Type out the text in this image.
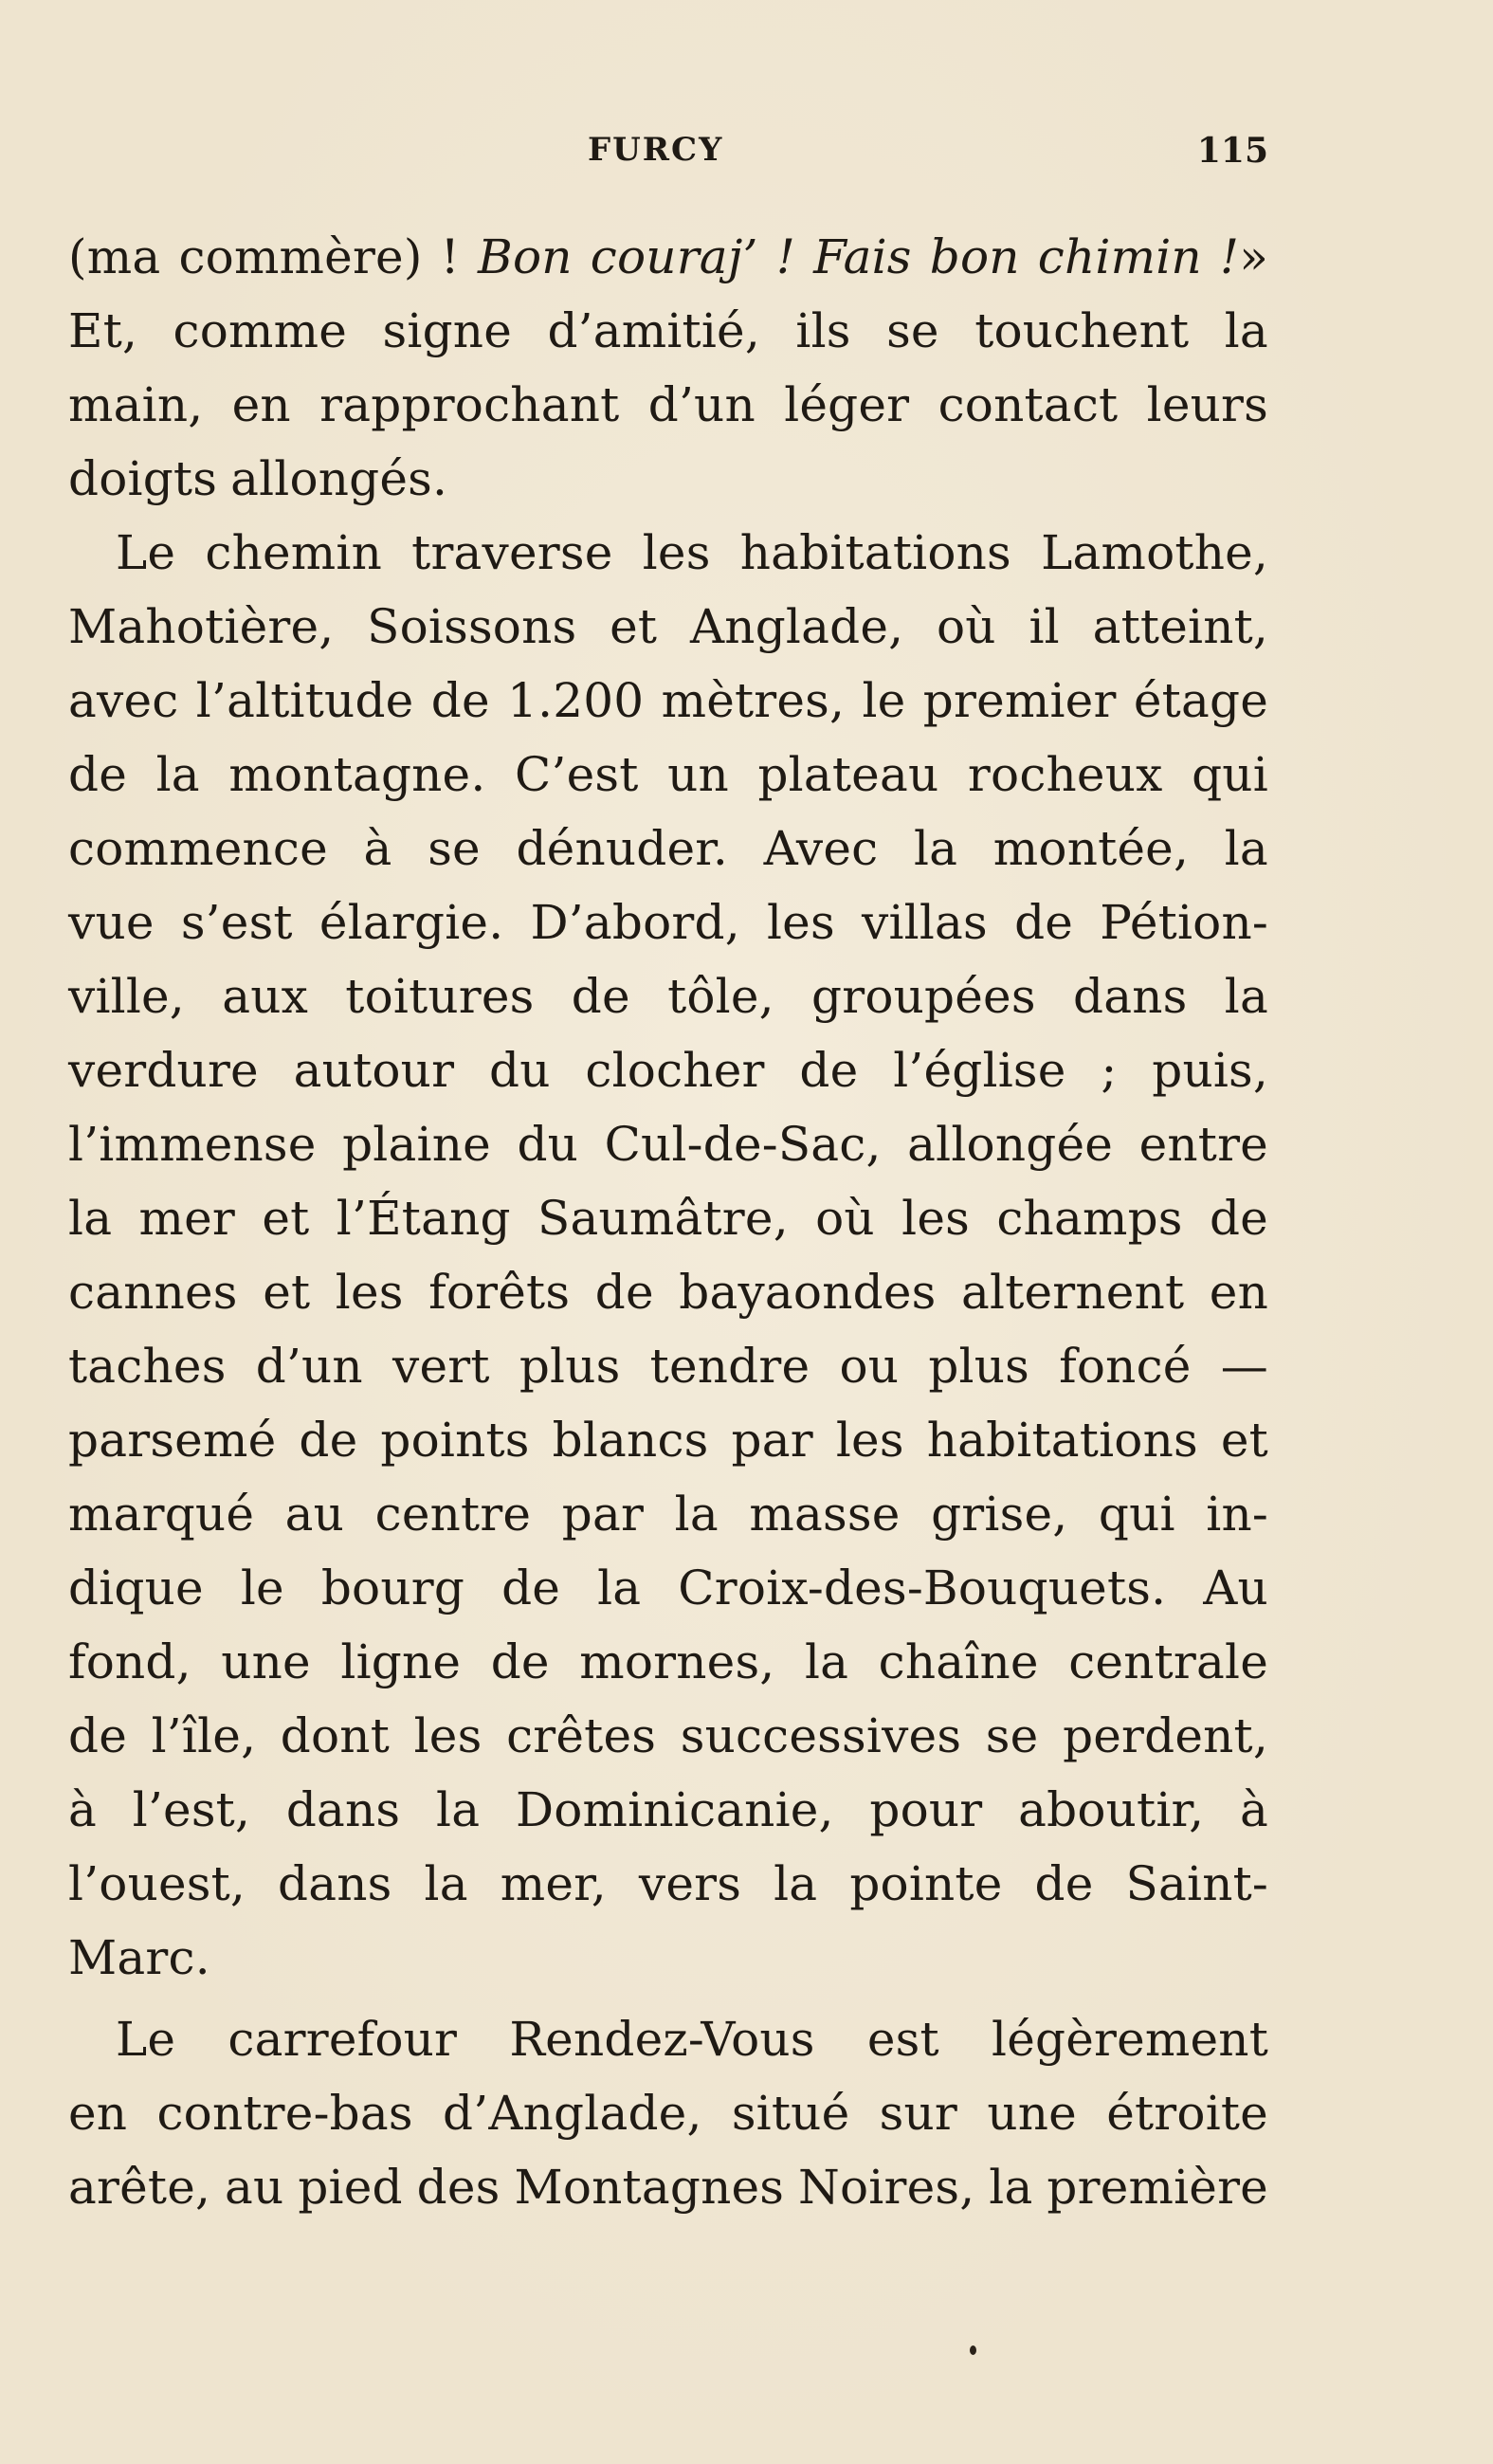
FURCY	115
(ma commère) ! Bon couraj’ ! Fais bon chimin !»
Et, comme signe d’amitié, ils se touchent la
main, en rapprochant d’un léger contact leurs
doigts allongés.
Le chemin traverse les habitations Lamothe,
Mahotière, Soissons et Anglade, où il atteint,
avec l’altitude de 1.200 mètres, le premier étage
de la montagne. C’est un plateau rocheux qui
commence à se dénuder. Avec la montée, la
vue s’est élargie. D’abord, les villas de Pétion-
ville, aux toitures de tôle, groupées dans la
verdure autour du clocher de l’église ; puis,
l’immense plaine du Cul-de-Sac, allongée entre
la mer et l’Étang Saumâtre, où les champs de
cannes et les forêts de bayaondes alternent en
taches d’un vert plus tendre ou plus foncé —
parsemé de points blancs par les habitations et
marqué au centre par la masse grise, qui in-
dique le bourg de la Croix-des-Bouquets. Au
fond, une ligne de mornes, la chaîne centrale
de l’île, dont les crêtes successives se perdent,
à l’est, dans la Dominicanie, pour aboutir, à
l’ouest, dans la mer, vers la pointe de Saint-
Marc.
Le carrefour Rendez-Vous est légèrement
en contre-bas d’Anglade, situé sur une étroite
arête, au pied des Montagnes Noires, la première
